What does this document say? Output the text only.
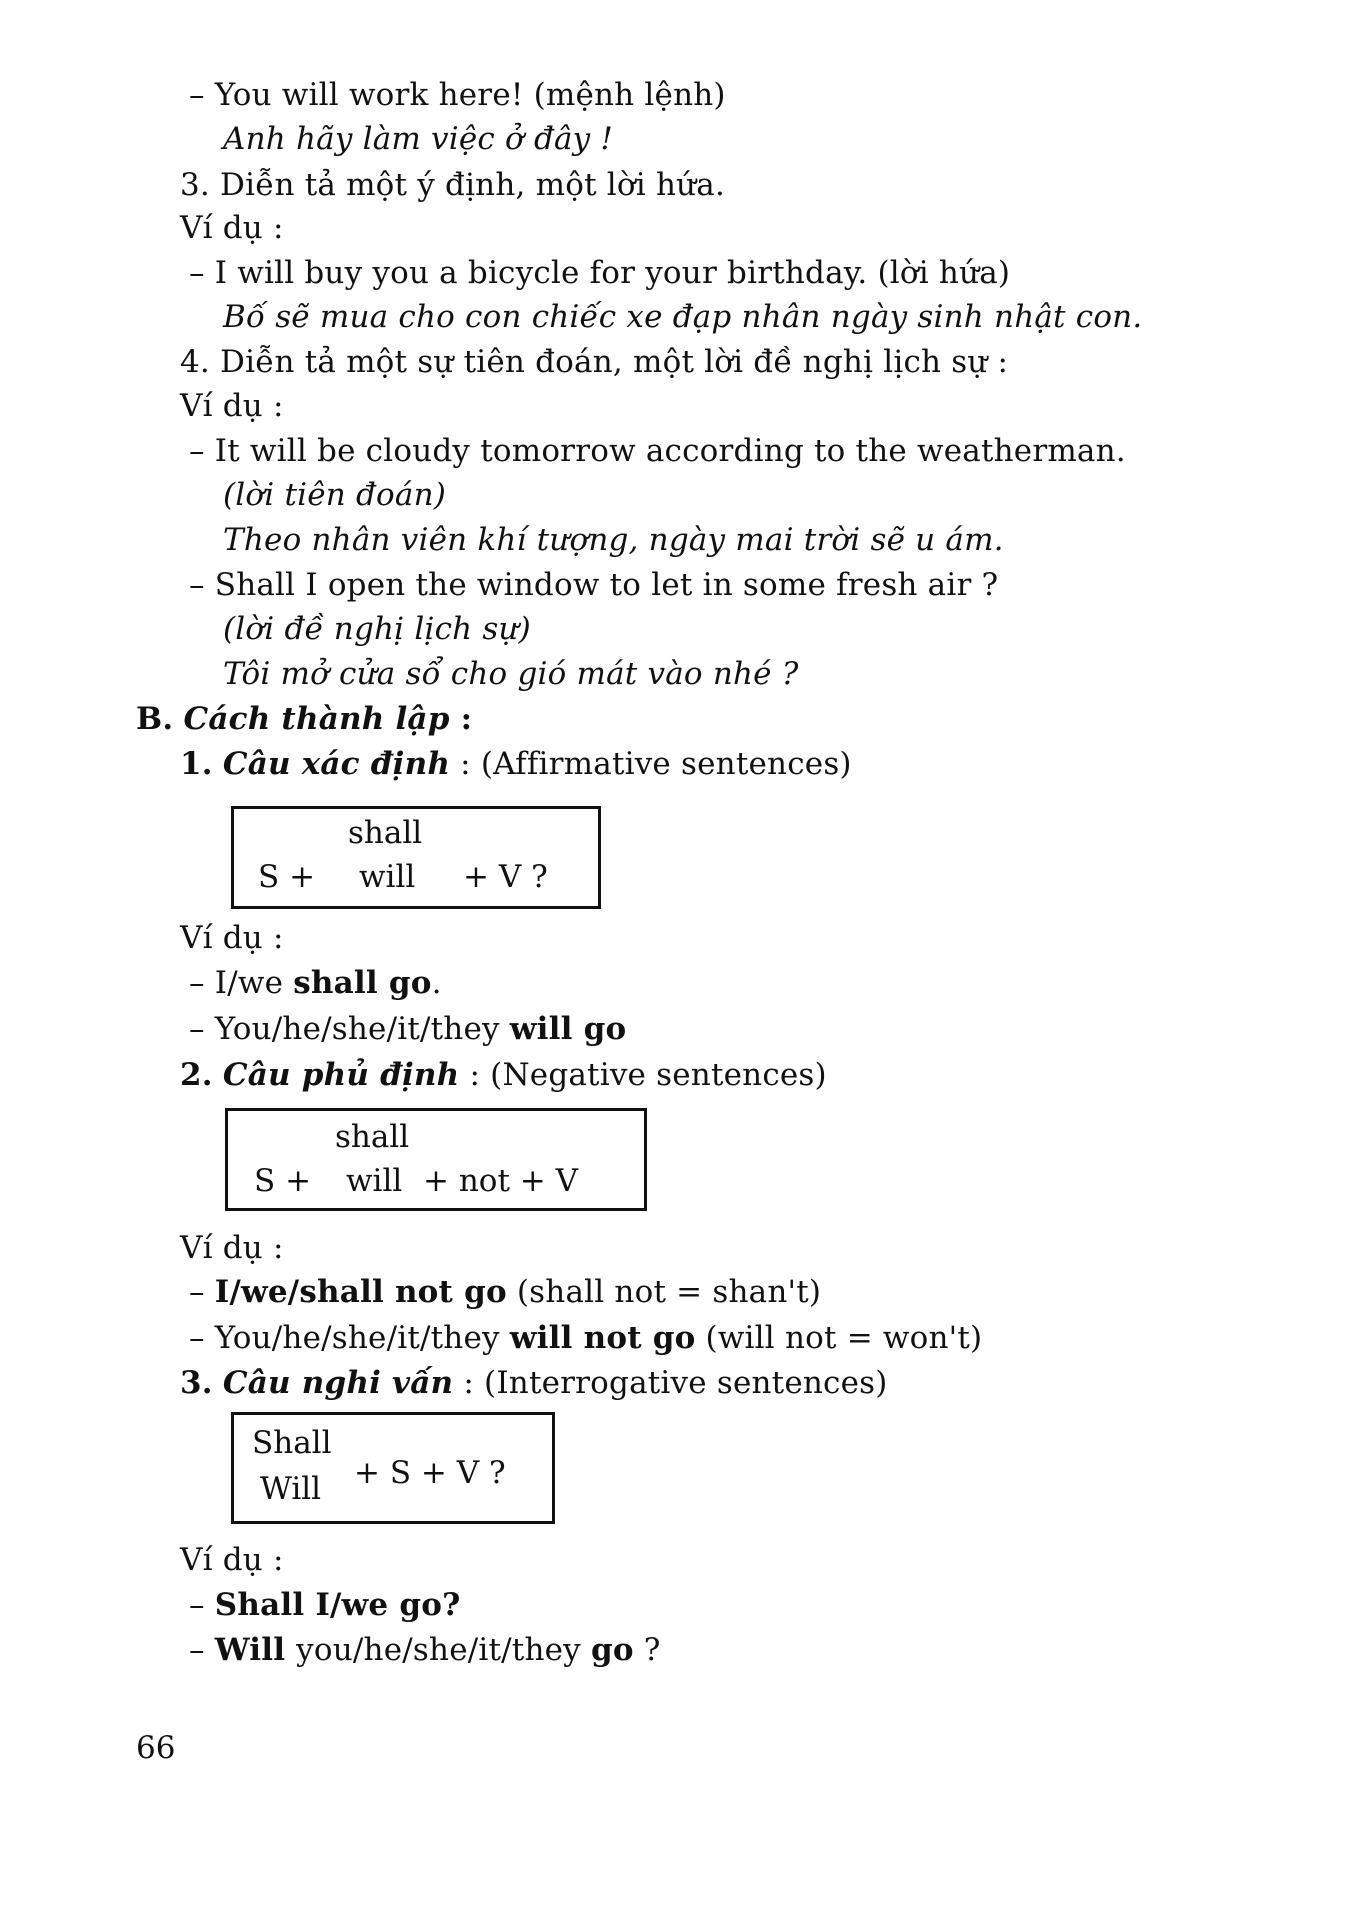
– You will work here! (mệnh lệnh)
Anh hãy làm việc ở đây !
3. Diễn tả một ý định, một lời hứa.
Ví dụ :
– I will buy you a bicycle for your birthday. (lời hứa)
Bố sẽ mua cho con chiếc xe đạp nhân ngày sinh nhật con.
4. Diễn tả một sự tiên đoán, một lời đề nghị lịch sự :
Ví dụ :
– It will be cloudy tomorrow according to the weatherman.
(lời tiên đoán)
Theo nhân viên khí tượng, ngày mai trời sẽ u ám.
– Shall I open the window to let in some fresh air ?
(lời đề nghị lịch sự)
Tôi mở cửa sổ cho gió mát vào nhé ?
B. Cách thành lập :
1. Câu xác định : (Affirmative sentences)
shall
S + will + V ?
Ví dụ :
– I/we shall go.
– You/he/she/it/they will go
2. Câu phủ định : (Negative sentences)
shall
S + will + not + V
Ví dụ :
– I/we/shall not go (shall not = shan't)
– You/he/she/it/they will not go (will not = won't)
3. Câu nghi vấn : (Interrogative sentences)
Shall
Will + S + V ?
Ví dụ :
– Shall I/we go?
– Will you/he/she/it/they go ?
66
